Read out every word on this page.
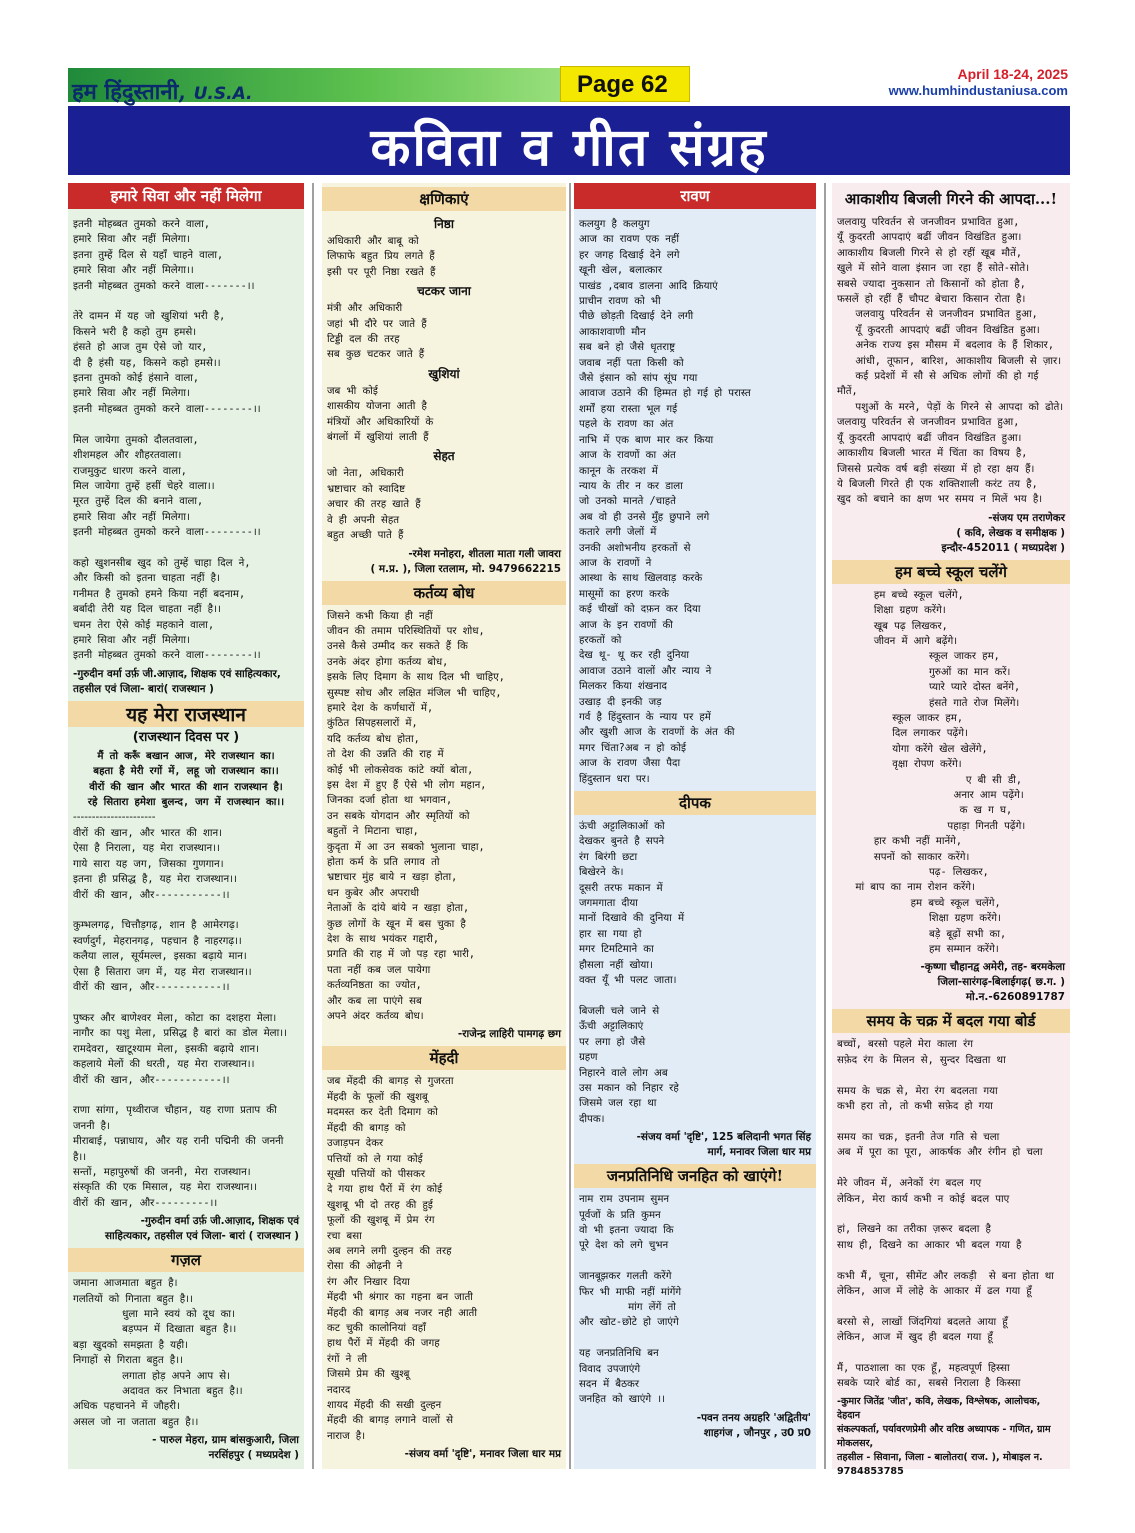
हम हिंदुस्तानी, U.S.A.	Page 62	April 18-24, 2025
www.humhindustaniusa.com
कविता व गीत संग्रह
हमारे सिवा और नहीं मिलेगा
इतनी मोहब्बत तुमको करने वाला,
हमारे सिवा और नहीं मिलेगा।
इतना तुम्हें दिल से यहाँ चाहने वाला,
हमारे सिवा और नहीं मिलेगा।।
इतनी मोहब्बत तुमको करने वाला-------।।

तेरे दामन में यह जो खुशियां भरी है,
किसने भरी है कहो तुम हमसे।
हंसते हो आज तुम ऐसे जो यार,
दी है हंसी यह, किसने कहो हमसे।।
इतना तुमको कोई हंसाने वाला,
हमारे सिवा और नहीं मिलेगा।
इतनी मोहब्बत तुमको करने वाला--------।।

मिल जायेगा तुमको दौलतवाला,
शीशमहल और शौहरतवाला।
राजमुकुट धारण करने वाला,
मिल जायेगा तुम्हें हसीं चेहरे वाला।।
मूरत तुम्हें दिल की बनाने वाला,
हमारे सिवा और नहीं मिलेगा।
इतनी मोहब्बत तुमको करने वाला--------।।

कहो खुशनसीब खुद को तुम्हें चाहा दिल ने,
और किसी को इतना चाहता नहीं है।
गनीमत है तुमको हमने किया नहीं बदनाम,
बर्बादी तेरी यह दिल चाहता नहीं है।।
चमन तेरा ऐसे कोई महकाने वाला,
हमारे सिवा और नहीं मिलेगा।
इतनी मोहब्बत तुमको करने वाला--------।।
-गुरुदीन वर्मा उर्फ़ जी.आज़ाद, शिक्षक एवं साहित्यकार,
तहसील एवं जिला- बारां( राजस्थान )
यह मेरा राजस्थान
(राजस्थान दिवस पर )
मैं तो करूँ बखान आज, मेरे राजस्थान का।
बहता है मेरी रगों में, लहू जो राजस्थान का।।
वीरों की खान और भारत की शान राजस्थान है।
रहे सितारा हमेशा बुलन्द, जग में राजस्थान का।।
----------------------
वीरों की खान, और भारत की शान।
ऐसा है निराला, यह मेरा राजस्थान।।
गाये सारा यह जग, जिसका गुणगान।
इतना ही प्रसिद्ध है, यह मेरा राजस्थान।।
वीरों की खान, और-----------।।

कुम्भलगढ़, चित्तौड़गढ़, शान है आमेरगढ़।
स्वर्णदुर्ग, मेहरानगढ़, पहचान है नाहरगढ़।।
कलैया लाल, सूर्यमल्ल, इसका बढ़ाये मान।
ऐसा है सितारा जग में, यह मेरा राजस्थान।।
वीरों की खान, और-----------।।

पुष्कर और बाणेश्वर मेला, कोटा का दशहरा मेला।
नागौर का पशु मेला, प्रसिद्ध है बारां का डोल मेला।।
रामदेवरा, खाटूश्याम मेला, इसकी बढ़ाये शान।
कहलाये मेलों की धरती, यह मेरा राजस्थान।।
वीरों की खान, और-----------।।

राणा सांगा, पृथ्वीराज चौहान, यह राणा प्रताप की जननी है।
मीराबाई, पन्नाधाय, और यह रानी पद्मिनी की जननी है।।
सन्तों, महापुरुषों की जननी, मेरा राजस्थान।
संस्कृति की एक मिसाल, यह मेरा राजस्थान।।
वीरों की खान, और---------।।
-गुरुदीन वर्मा उर्फ़ जी.आज़ाद, शिक्षक एवं
साहित्यकार, तहसील एवं जिला- बारां ( राजस्थान )
गज़ल
जमाना आजमाता बहुत है।
गलतियों को गिनाता बहुत है।।
धुला माने स्वयं को दूध का।
बड़प्पन में दिखाता बहुत है।।
बड़ा खुदको समझता है यही।
निगाहों से गिराता बहुत है।।
लगाता होड़ अपने आप से।
अदावत कर निभाता बहुत है।।
अधिक पहचानने में जौहरी।
असल जो ना जताता बहुत है।।
- पारुल मेहरा, ग्राम बांसकुआरी, जिला
नरसिंहपुर ( मध्यप्रदेश )
क्षणिकाएं
निष्ठा
अधिकारी और बाबू को
लिफाफे बहुत प्रिय लगते हैं
इसी पर पूरी निष्ठा रखते हैं
चटकर जाना
मंत्री और अधिकारी
जहां भी दौरे पर जाते हैं
टिड्डी दल की तरह
सब कुछ चटकर जाते हैं
खुशियां
जब भी कोई
शासकीय योजना आती है
मंत्रियों और अधिकारियों के
बंगलों में खुशियां लाती हैं
सेहत
जो नेता, अधिकारी
भ्रष्टाचार को स्वादिष्ट
अचार की तरह खाते हैं
वे ही अपनी सेहत
बहुत अच्छी पाते हैं
-रमेश मनोहरा, शीतला माता गली जावरा
( म.प्र. ), जिला रतलाम, मो. 9479662215
कर्तव्य बोध
जिसने कभी किया ही नहीं
जीवन की तमाम परिस्थितियों पर शोध,
उनसे कैसे उम्मीद कर सकते हैं कि
उनके अंदर होगा कर्तव्य बोध,
इसके लिए दिमाग के साथ दिल भी चाहिए,
सुस्पष्ट सोच और लक्षित मंजिल भी चाहिए,
हमारे देश के कर्णधारों में,
कुंठित सिपहसलारों में,
यदि कर्तव्य बोध होता,
तो देश की उन्नति की राह में
कोई भी लोकसेवक कांटे क्यों बोता,
इस देश में हुए हैं ऐसे भी लोग महान,
जिनका दर्जा होता था भगवान,
उन सबके योगदान और स्मृतियों को
बहुतों ने मिटाना चाहा,
कुदृता में आ उन सबको भुलाना चाहा,
होता कर्म के प्रति लगाव तो
भ्रष्टाचार मुंह बाये न खड़ा होता,
धन कुबेर और अपराधी
नेताओं के दांये बांये न खड़ा होता,
कुछ लोगों के खून में बस चुका है
देश के साथ भयंकर गद्दारी,
प्रगति की राह में जो पड़ रहा भारी,
पता नहीं कब जल पायेगा
कर्तव्यनिष्ठता का ज्योत,
और कब ला पाएंगे सब
अपने अंदर कर्तव्य बोध।
-राजेन्द्र लाहिरी पामगढ़ छग
मेंहदी
जब मेंहदी की बागड़ से गुजरता
मेंहदी के फूलों की खुशबू
मदमस्त कर देती दिमाग को
मेंहदी की बागड़ को
उजाड़पन देकर
पत्तियों को ले गया कोई
सूखी पत्तियों को पीसकर
दे गया हाथ पैरों में रंग कोई
खुशबू भी दो तरह की हुई
फूलों की खुशबू में प्रेम रंग
रचा बसा
अब लगने लगी दुल्हन की तरह
रोसा की ओढ़नी ने
रंग और निखार दिया
मेंहदी भी श्रंगार का गहना बन जाती
मेंहदी की बागड़ अब नजर नही आती
कट चुकी कालोनियां वहाँ
हाथ पैरों में मेंहदी की जगह
रंगों ने ली
जिसमे प्रेम की खुश्बू
नदारद
शायद मेंहदी की सखी दुल्हन
मेंहदी की बागड़ लगाने वालों से
नाराज है।
-संजय वर्मा 'दृष्टि', मनावर जिला धार मप्र
रावण
कलयुग है कलयुग
आज का रावण एक नहीं
हर जगह दिखाई देने लगे
खूनी खेल, बलात्कार
पाखंड ,दबाव डालना आदि क्रियाएं
प्राचीन रावण को भी
पीछे छोड़ती दिखाई देने लगी
आकाशवाणी मौन
सब बने हो जैसे धृतराष्ट्र
जवाब नहीं पता किसी को
जैसे इंसान को सांप सूंघ गया
आवाज उठाने की हिम्मत हो गई हो परास्त
शर्मों हया रास्ता भूल गई
पहले के रावण का अंत
नाभि में एक बाण मार कर किया
आज के रावणों का अंत
कानून के तरकश में
न्याय के तीर न कर डाला
जो उनको मानते /चाहते
अब वो ही उनसे मुँह छुपाने लगे
कतारे लगी जेलों में
उनकी अशोभनीय हरकतों से
आज के रावणों ने
आस्था के साथ खिलवाड़ करके
मासूमों का हरण करके
कई चीखों को दफ़न कर दिया
आज के इन रावणों की
हरकतों को
देख थू- थू कर रही दुनिया
आवाज उठाने वालों और न्याय ने
मिलकर किया शंखनाद
उखाड़ दी इनकी जड़
गर्व है हिंदुस्तान के न्याय पर हमें
और खुशी आज के रावणों के अंत की
मगर चिंता?अब न हो कोई
आज के रावण जैसा पैदा
हिंदुस्तान धरा पर।
दीपक
ऊंची अट्टालिकाओं को
देखकर बुनते है सपने
रंग बिरंगी छटा
बिखेरने के।
दूसरी तरफ मकान में
जगमगाता दीया
मानों दिखावे की दुनिया में
हार सा गया हो
मगर टिमटिमाने का
हौसला नहीं खोया।
वक्त यूँ भी पलट जाता।

बिजली चले जाने से
ऊँची अट्टालिकाएं
पर लगा हो जैसे
ग्रहण
निहारने वाले लोग अब
उस मकान को निहार रहे
जिसमे जल रहा था
दीपक।
-संजय वर्मा 'दृष्टि', 125 बलिदानी भगत सिंह
मार्ग, मनावर जिला धार मप्र
जनप्रतिनिधि जनहित को खाएंगे!
नाम राम उपनाम सुमन
पूर्वजों के प्रति कुमन
वो भी इतना ज्यादा कि
पूरे देश को लगे चुभन

जानबूझकर गलती करेंगे
फिर भी माफी नहीं मांगेंगे
मांग लेंगें तो
और खोट-छोटे हो जाएंगे

यह जनप्रतिनिधि बन
विवाद उपजाएंगे
सदन में बैठकर
जनहित को खाएंगे ।।
-पवन तनय अग्रहरि 'अद्वितीय'
शाहगंज , जौनपुर , उ0 प्र0
आकाशीय बिजली गिरने की आपदा...!
जलवायु परिवर्तन से जनजीवन प्रभावित हुआ,
यूँ कुदरती आपदाएं बढीं जीवन विखंडित हुआ।
आकाशीय बिजली गिरने से हो रहीं खूब मौतें,
खुले में सोने वाला इंसान जा रहा हैं सोते-सोते।
सबसे ज्यादा नुकसान तो किसानों को होता है,
फसलें हो रहीं हैं चौपट बेचारा किसान रोता है।
जलवायु परिवर्तन से जनजीवन प्रभावित हुआ,
यूँ कुदरती आपदाएं बढीं जीवन विखंडित हुआ।
अनेक राज्य इस मौसम में बदलाव के हैं शिकार,
आंधी, तूफान, बारिश, आकाशीय बिजली से ज़ार।
कई प्रदेशों में सौ से अधिक लोगों की हो गई मौतें,
पशुओं के मरने, पेड़ों के गिरने से आपदा को ढोते।
जलवायु परिवर्तन से जनजीवन प्रभावित हुआ,
यूँ कुदरती आपदाएं बढीं जीवन विखंडित हुआ।
आकाशीय बिजली भारत में चिंता का विषय है,
जिससे प्रत्येक वर्ष बड़ी संख्या में हो रहा क्षय हैं।
ये बिजली गिरते ही एक शक्तिशाली करंट तय है,
खुद को बचाने का क्षण भर समय न मिलें भय है।
-संजय एम तराणेकर
( कवि, लेखक व समीक्षक )
इन्दौर-452011 ( मध्यप्रदेश )
हम बच्चे स्कूल चलेंगे
हम बच्चे स्कूल चलेंगे,
शिक्षा ग्रहण करेंगे।
खूब पढ़ लिखकर,
जीवन में आगे बढ़ेंगे।
स्कूल जाकर हम,
गुरुओं का मान करें।
प्यारे प्यारे दोस्त बनेंगे,
हंसते गाते रोज मिलेंगे।
स्कूल जाकर हम,
दिल लगाकर पढ़ेंगे।
योगा करेंगे खेल खेलेंगे,
वृक्षा रोपण करेंगे।
ए बी सी डी,
अनार आम पढ़ेंगे।
क ख ग घ,
पहाड़ा गिनती पढ़ेंगे।
हार कभी नहीं मानेंगे,
सपनों को साकार करेंगे।
पढ़- लिखकर,
मां बाप का नाम रोशन करेंगे।
हम बच्चे स्कूल चलेंगे,
शिक्षा ग्रहण करेंगे।
बड़े बूढ़ों सभी का,
हम सम्मान करेंगे।
-कृष्णा चौहानद्व अमेरी, तह- बरमकेला
जिला-सारंगढ़-बिलाईगढ़( छ.ग. )
मो.न.-6260891787
समय के चक्र में बदल गया बोर्ड
बच्चों, बरसो पहले मेरा काला रंग
सफ़ेद रंग के मिलन से, सुन्दर दिखता था

समय के चक्र से, मेरा रंग बदलता गया
कभी हरा तो, तो कभी सफ़ेद हो गया

समय का चक्र, इतनी तेज गति से चला
अब में पूरा का पूरा, आकर्षक और रंगीन हो चला

मेरे जीवन में, अनेकों रंग बदल गए
लेकिन, मेरा कार्य कभी न कोई बदल पाए

हां, लिखने का तरीका ज़रूर बदला है
साथ ही, दिखने का आकार भी बदल गया है

कभी मैं, चूना, सीमेंट और लकड़ी  से बना होता था
लेकिन, आज में लोहे के आकार में ढल गया हूँ

बरसो से, लाखों जिंदगियां बदलते आया हूँ
लेकिन, आज में खुद ही बदल गया हूँ

मैं, पाठशाला का एक हूँ, महत्वपूर्ण हिस्सा
सबके प्यारे बोर्ड का, सबसे निराला है किस्सा
-कुमार जितेंद्र 'जीत', कवि, लेखक, विश्लेषक, आलोचक, देहदान
संकल्पकर्ता, पर्यावरणप्रेमी और वरिष्ठ अध्यापक - गणित, ग्राम मोकलसर,
तहसील - सिवाना, जिला - बालोतरा( राज. ), मोबाइल न. 9784853785
